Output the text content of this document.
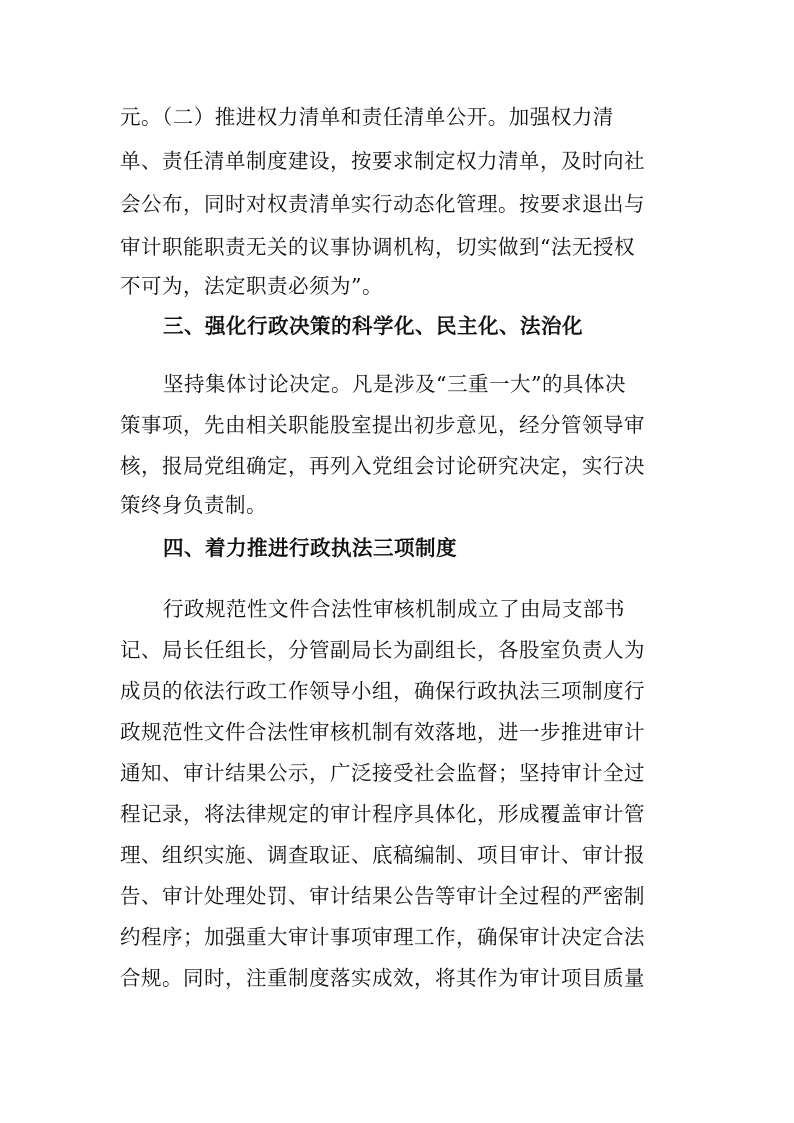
元。（二）推进权力清单和责任清单公开。加强权力清
单、责任清单制度建设，按要求制定权力清单，及时向社
会公布，同时对权责清单实行动态化管理。按要求退出与
审计职能职责无关的议事协调机构，切实做到“法无授权
不可为，法定职责必须为”。
三、强化行政决策的科学化、民主化、法治化
坚持集体讨论决定。凡是涉及“三重一大”的具体决
策事项，先由相关职能股室提出初步意见，经分管领导审
核，报局党组确定，再列入党组会讨论研究决定，实行决
策终身负责制。
四、着力推进行政执法三项制度
行政规范性文件合法性审核机制成立了由局支部书
记、局长任组长，分管副局长为副组长，各股室负责人为
成员的依法行政工作领导小组，确保行政执法三项制度行
政规范性文件合法性审核机制有效落地，进一步推进审计
通知、审计结果公示，广泛接受社会监督；坚持审计全过
程记录，将法律规定的审计程序具体化，形成覆盖审计管
理、组织实施、调查取证、底稿编制、项目审计、审计报
告、审计处理处罚、审计结果公告等审计全过程的严密制
约程序；加强重大审计事项审理工作，确保审计决定合法
合规。同时，注重制度落实成效，将其作为审计项目质量
